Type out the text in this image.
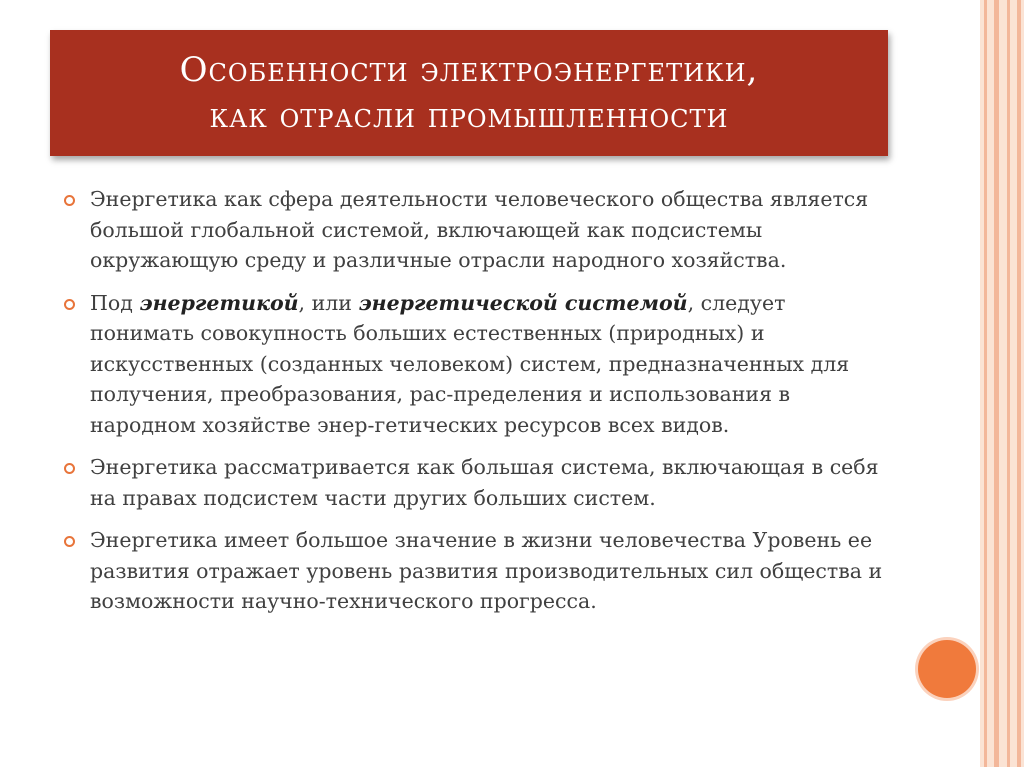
Особенности электроэнергетики,
как отрасли промышленности
Энергетика как сфера деятельности человеческого общества является большой глобальной системой, включающей как подсистемы окружающую среду и различные отрасли народного хозяйства.
Под энергетикой, или энергетической системой, следует понимать совокупность больших естественных (природных) и искусственных (созданных человеком) систем, предназначенных для получения, преобразования, рас-пределения и использования в народном хозяйстве энер-гетических ресурсов всех видов.
Энергетика рассматривается как большая система, включающая в себя на правах подсистем части других больших систем.
Энергетика имеет большое значение в жизни человечества Уровень ее развития отражает уровень развития производительных сил общества и возможности научно-технического прогресса.
